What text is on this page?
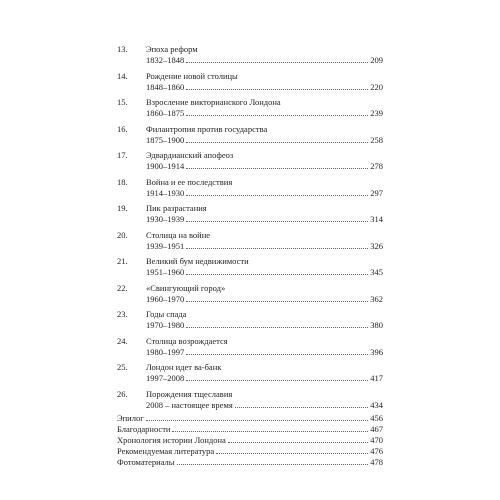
13.	Эпоха реформ
1832–1848	209
14.	Рождение новой столицы
1848–1860	220
15.	Взросление викторианского Лондона
1860–1875	239
16.	Филантропия против государства
1875–1900	258
17.	Эдвардианский апофеоз
1900–1914	278
18.	Война и ее последствия
1914–1930	297
19.	Пик разрастания
1930–1939	314
20.	Столица на войне
1939–1951	326
21.	Великий бум недвижимости
1951–1960	345
22.	«Свингующий город»
1960–1970	362
23.	Годы спада
1970–1980	380
24.	Столица возрождается
1980–1997	396
25.	Лондон идет ва-банк
1997–2008	417
26.	Порождения тщеславия
2008 – настоящее время	434
Эпилог	456
Благодарности	467
Хронология истории Лондона	470
Рекомендуемая литература	476
Фотоматериалы	478
